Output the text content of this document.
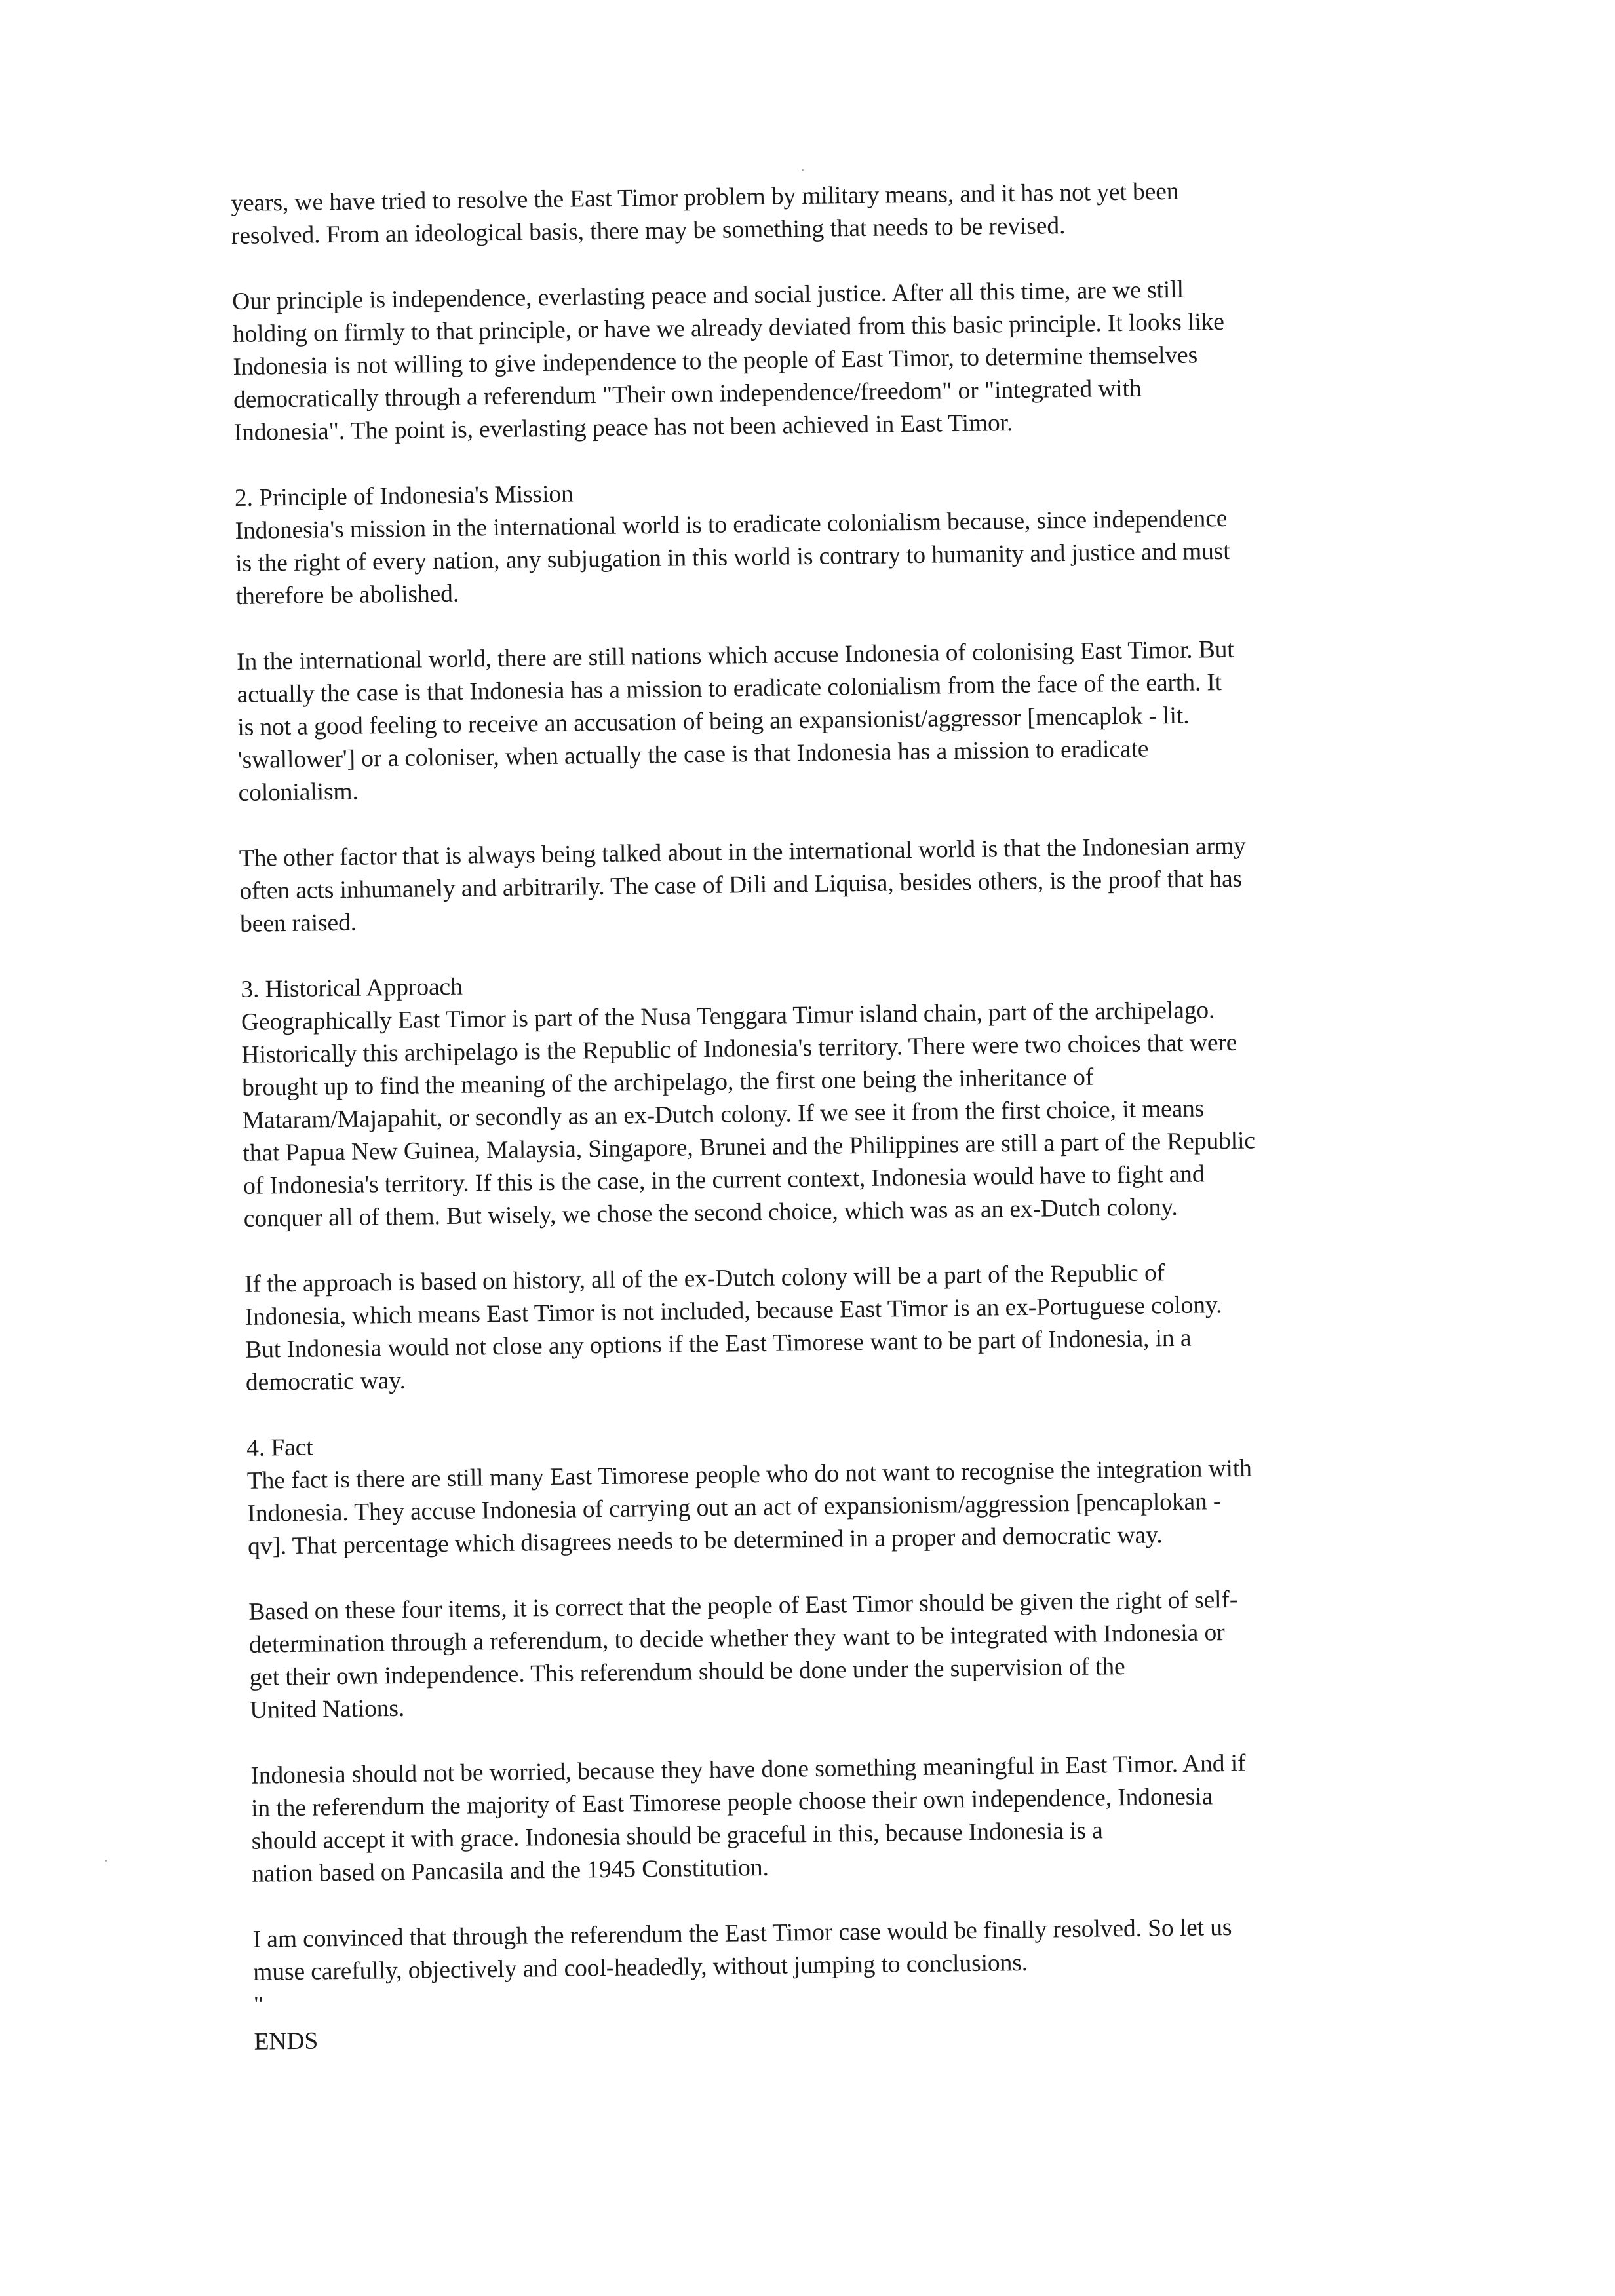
years, we have tried to resolve the East Timor problem by military means, and it has not yet been
resolved. From an ideological basis, there may be something that needs to be revised.

Our principle is independence, everlasting peace and social justice. After all this time, are we still
holding on firmly to that principle, or have we already deviated from this basic principle. It looks like
Indonesia is not willing to give independence to the people of East Timor, to determine themselves
democratically through a referendum "Their own independence/freedom" or "integrated with
Indonesia". The point is, everlasting peace has not been achieved in East Timor.

2. Principle of Indonesia's Mission

Indonesia's mission in the international world is to eradicate colonialism because, since independence
is the right of every nation, any subjugation in this world is contrary to humanity and justice and must
therefore be abolished.

In the international world, there are still nations which accuse Indonesia of colonising East Timor. But
actually the case is that Indonesia has a mission to eradicate colonialism from the face of the earth. It
is not a good feeling to receive an accusation of being an expansionist/aggressor [mencaplok - lit.
'swallower'] or a coloniser, when actually the case is that Indonesia has a mission to eradicate
colonialism.

The other factor that is always being talked about in the international world is that the Indonesian army
often acts inhumanely and arbitrarily. The case of Dili and Liquisa, besides others, is the proof that has
been raised.

3. Historical Approach

Geographically East Timor is part of the Nusa Tenggara Timur island chain, part of the archipelago.
Historically this archipelago is the Republic of Indonesia's territory. There were two choices that were
brought up to find the meaning of the archipelago, the first one being the inheritance of
Mataram/Majapahit, or secondly as an ex-Dutch colony. If we see it from the first choice, it means
that Papua New Guinea, Malaysia, Singapore, Brunei and the Philippines are still a part of the Republic
of Indonesia's territory. If this is the case, in the current context, Indonesia would have to fight and
conquer all of them. But wisely, we chose the second choice, which was as an ex-Dutch colony.

If the approach is based on history, all of the ex-Dutch colony will be a part of the Republic of
Indonesia, which means East Timor is not included, because East Timor is an ex-Portuguese colony.
But Indonesia would not close any options if the East Timorese want to be part of Indonesia, in a
democratic way.

4. Fact

The fact is there are still many East Timorese people who do not want to recognise the integration with
Indonesia. They accuse Indonesia of carrying out an act of expansionism/aggression [pencaplokan -
qv]. That percentage which disagrees needs to be determined in a proper and democratic way.

Based on these four items, it is correct that the people of East Timor should be given the right of self-
determination through a referendum, to decide whether they want to be integrated with Indonesia or
get their own independence. This referendum should be done under the supervision of the
United Nations.

Indonesia should not be worried, because they have done something meaningful in East Timor. And if
in the referendum the majority of East Timorese people choose their own independence, Indonesia
should accept it with grace. Indonesia should be graceful in this, because Indonesia is a
nation based on Pancasila and the 1945 Constitution.

I am convinced that through the referendum the East Timor case would be finally resolved. So let us
muse carefully, objectively and cool-headedly, without jumping to conclusions.

"

ENDS
